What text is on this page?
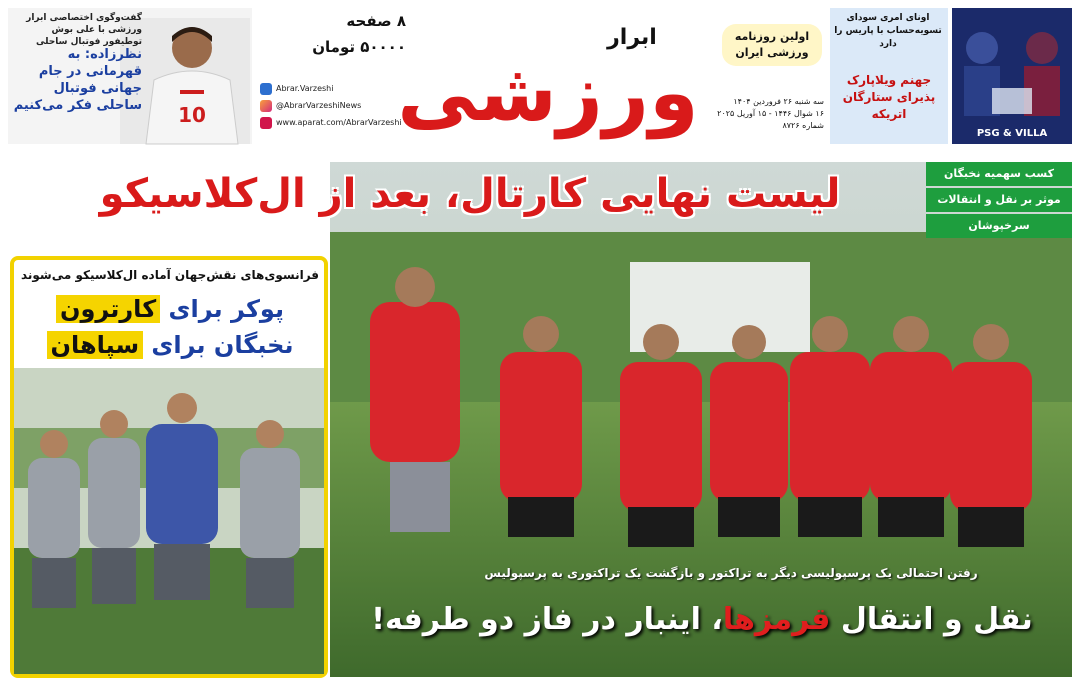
10
گفت‌وگوی اختصاصی ابرار ورزشی با علی بوش توطیفور فوتبال ساحلی
نظرزاده: به قهرمانی در جام جهانی فوتبال ساحلی فکر می‌کنیم
۸ صفحه
۵۰۰۰۰ تومان
Abrar.Varzeshi
@AbrarVarzeshiNews
www.aparat.com/AbrarVarzeshi
ابرار
ورزشی
اولین روزنامه ورزشی ایران
سه شنبه ۲۶ فروردین ۱۴۰۴
۱۶ شوال ۱۴۴۶ - ۱۵ آوریل ۲۰۲۵
شماره ۸۷۲۶
اونای امری سودای تسویه‌حساب با پاریس را دارد
جهنم ویلاپارک پذیرای ستارگان اتریکه
PSG & VILLA
لیست نهایی کارتال، بعد از ال‌کلاسیکو	کسب سهمیه نخبگان
موثر بر نقل و انتقالات
سرخپوشان
رفتن احتمالی یک پرسپولیسی دیگر به تراکتور و بازگشت یک تراکتوری به پرسپولیس
نقل و انتقال قرمزها، اینبار در فاز دو طرفه!
فرانسوی‌های نقش‌جهان آماده ال‌کلاسیکو می‌شوند
پوکر برای کارترون
نخبگان برای سپاهان
